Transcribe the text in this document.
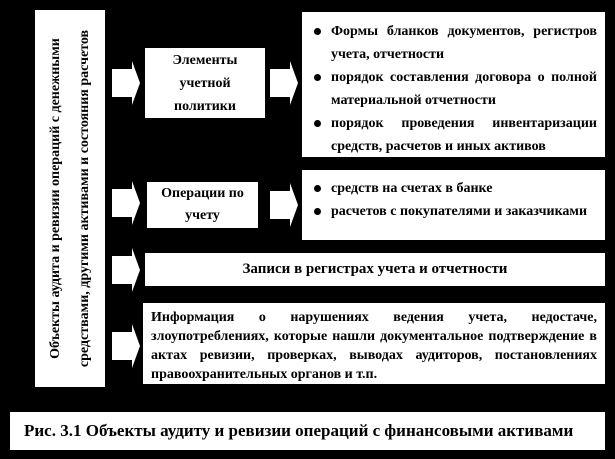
Объекты аудита и ревизии операций с денежными	средствами, другими активами и состояния расчетов	Элементы учетной политики
Операции по учету
Формы бланков документов, регистров учета, отчетности
порядок составления договора о полной материальной отчетности
порядок проведения инвентаризации средств, расчетов и иных активов
средств на счетах в банке
расчетов с покупателями и заказчиками
Записи в регистрах учета и отчетности
Информация о нарушениях ведения учета, недостаче, злоупотреблениях, которые нашли документальное подтверждение в актах ревизии, проверках, выводах аудиторов, постановлениях правоохранительных органов и т.п.
Рис. 3.1 Объекты аудиту и ревизии операций с финансовыми активами
